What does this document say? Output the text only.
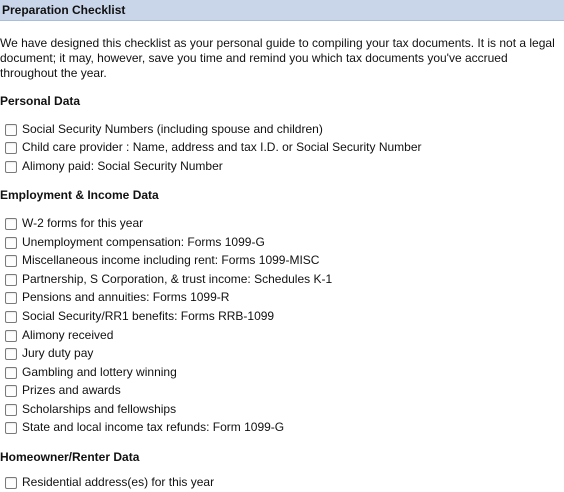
Preparation Checklist
We have designed this checklist as your personal guide to compiling your tax documents. It is not a legal document; it may, however, save you time and remind you which tax documents you've accrued throughout the year.
Personal Data
Social Security Numbers (including spouse and children)
Child care provider : Name, address and tax I.D. or Social Security Number
Alimony paid: Social Security Number
Employment & Income Data
W-2 forms for this year
Unemployment compensation: Forms 1099-G
Miscellaneous income including rent: Forms 1099-MISC
Partnership, S Corporation, & trust income: Schedules K-1
Pensions and annuities: Forms 1099-R
Social Security/RR1 benefits: Forms RRB-1099
Alimony received
Jury duty pay
Gambling and lottery winning
Prizes and awards
Scholarships and fellowships
State and local income tax refunds: Form 1099-G
Homeowner/Renter Data
Residential address(es) for this year
